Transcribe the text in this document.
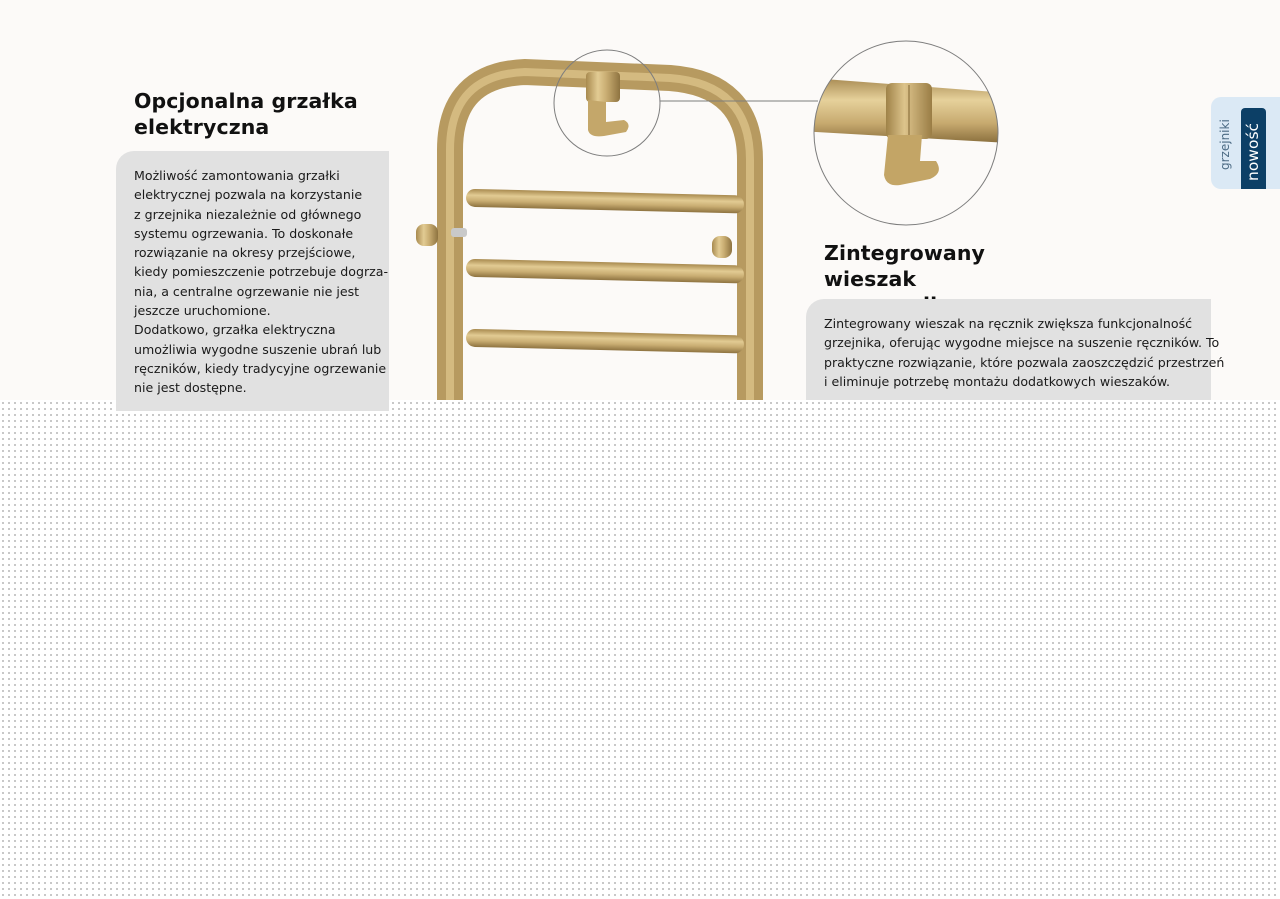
Opcjonalna grzałka
elektryczna
Możliwość zamontowania grzałki
elektrycznej pozwala na korzystanie
z grzejnika niezależnie od głównego
systemu ogrzewania. To doskonałe
rozwiązanie na okresy przejściowe,
kiedy pomieszczenie potrzebuje dogrza-
nia, a centralne ogrzewanie nie jest
jeszcze uruchomione.
Dodatkowo, grzałka elektryczna
umożliwia wygodne suszenie ubrań lub
ręczników, kiedy tradycyjne ogrzewanie
nie jest dostępne.
Zintegrowany wieszak
Zintegrowany wieszak na ręcznik zwiększa funkcjonalność
grzejnika, oferując wygodne miejsce na suszenie ręczników. To
praktyczne rozwiązanie, które pozwala zaoszczędzić przestrzeń
i eliminuje potrzebę montażu dodatkowych wieszaków.
grzejniki nowość
